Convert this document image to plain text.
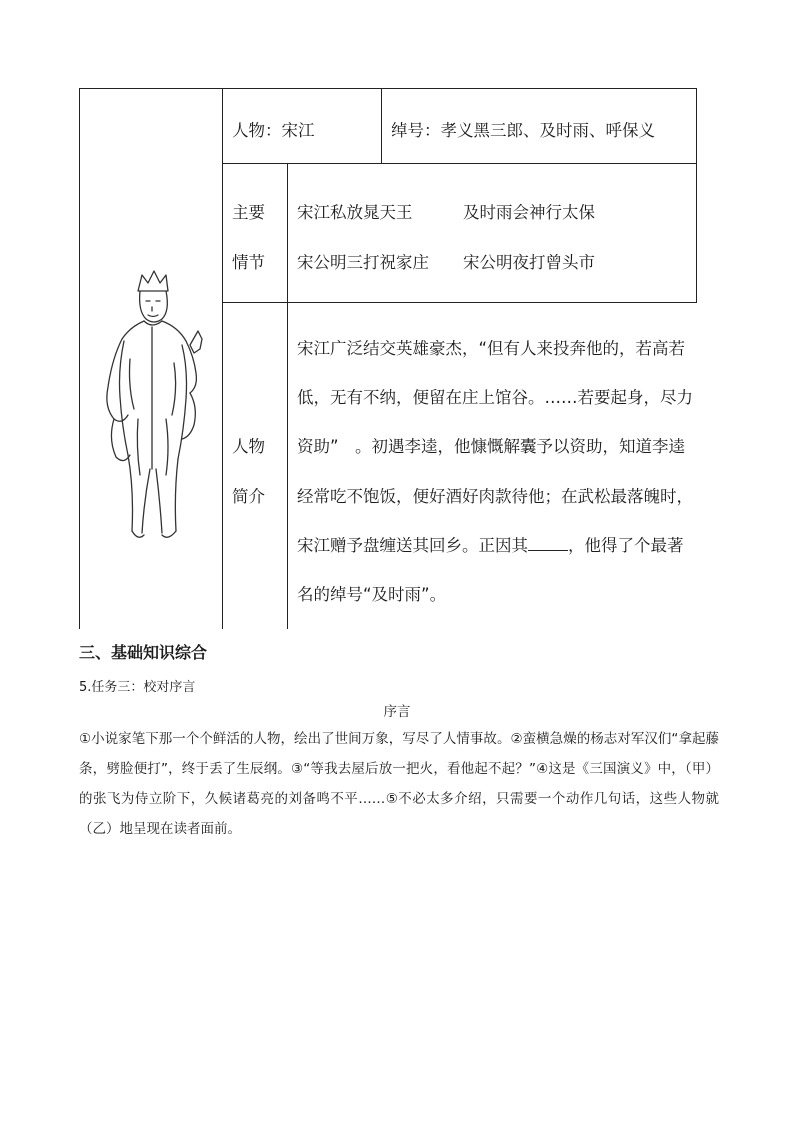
人物：宋江	绰号：孝义黑三郎、及时雨、呼保义
主要
情节
宋江私放晁天王	及时雨会神行太保
宋公明三打祝家庄 宋公明夜打曾头市
人物
简介
宋江广泛结交英雄豪杰，“但有人来投奔他的，若高若
低，无有不纳，便留在庄上馆谷。……若要起身，尽力
资助”　。初遇李逵，他慷慨解囊予以资助，知道李逵
经常吃不饱饭，便好酒好肉款待他；在武松最落魄时，
宋江赠予盘缠送其回乡。正因其 ，他得了个最著
名的绰号“及时雨”。
三、基础知识综合
5.任务三：校对序言
序言
①小说家笔下那一个个鲜活的人物，绘出了世间万象，写尽了人情事故。②蛮横急燥的杨志对军汉们“拿起藤条，劈脸便打”，终于丢了生辰纲。③“等我去屋后放一把火，看他起不起？”④这是《三国演义》中，（甲）的张飞为侍立阶下，久候诸葛亮的刘备鸣不平……⑤不必太多介绍，只需要一个动作几句话，这些人物就（乙）地呈现在读者面前。
